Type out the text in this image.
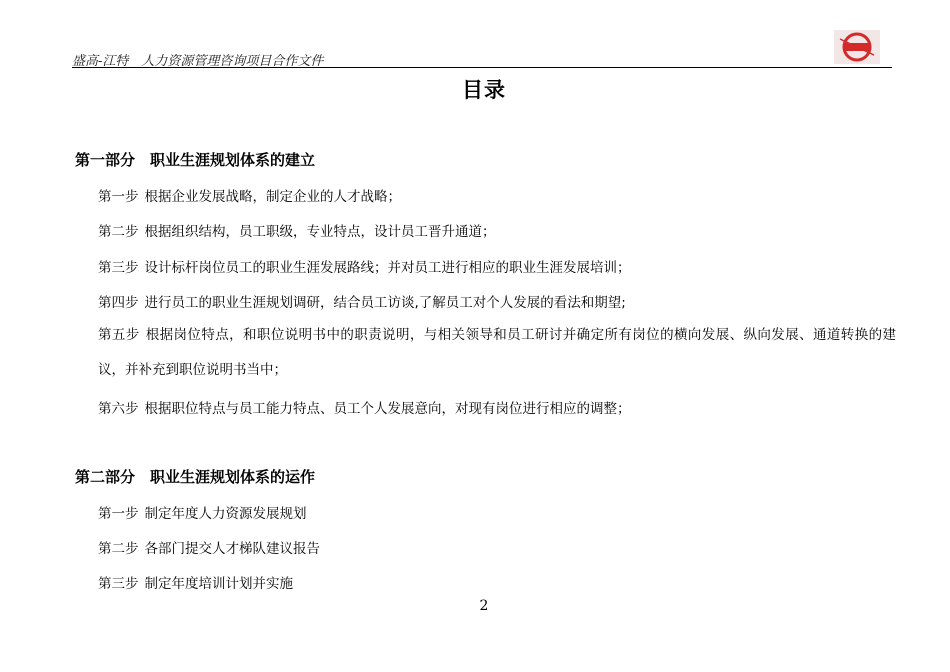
盛高-江特　人力资源管理咨询项目合作文件
目录
第一部分　职业生涯规划体系的建立
第一步 根据企业发展战略，制定企业的人才战略；
第二步 根据组织结构，员工职级，专业特点，设计员工晋升通道；
第三步 设计标杆岗位员工的职业生涯发展路线；并对员工进行相应的职业生涯发展培训；
第四步 进行员工的职业生涯规划调研，结合员工访谈,了解员工对个人发展的看法和期望;
第五步 根据岗位特点，和职位说明书中的职责说明，与相关领导和员工研讨并确定所有岗位的横向发展、纵向发展、通道转换的建议，并补充到职位说明书当中；
第六步 根据职位特点与员工能力特点、员工个人发展意向，对现有岗位进行相应的调整；
第二部分　职业生涯规划体系的运作
第一步 制定年度人力资源发展规划
第二步 各部门提交人才梯队建议报告
第三步 制定年度培训计划并实施
2
